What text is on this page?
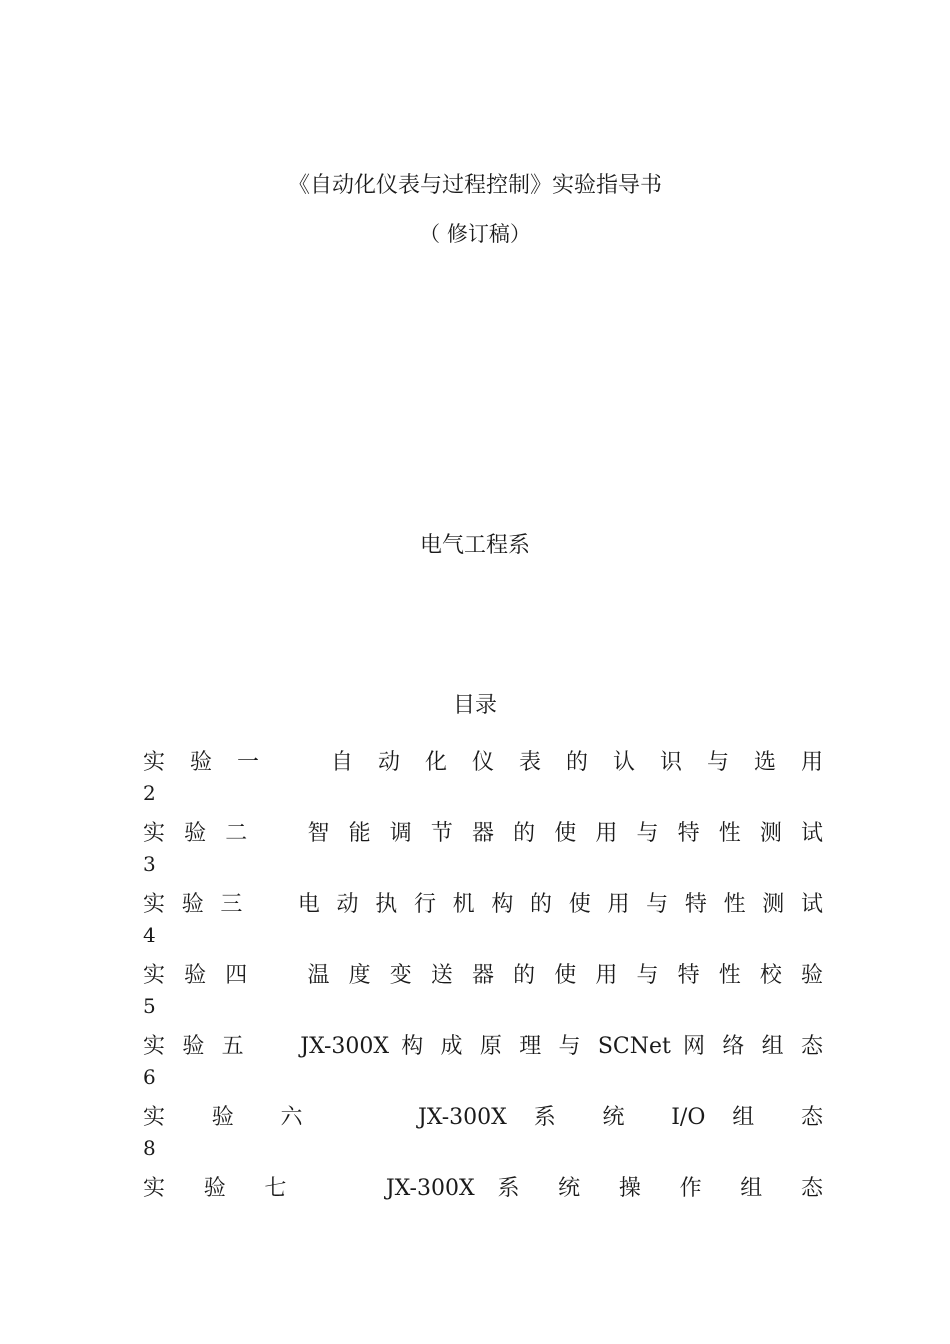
《自动化仪表与过程控制》实验指导书
（ 修订稿）
电气工程系
目录
实 验 一 　 自 动 化 仪 表 的 认 识 与 选 用
2
实 验 二 　 智 能 调 节 器 的 使 用 与 特 性 测 试
3
实 验 三 　 电 动 执 行 机 构 的 使 用 与 特 性 测 试
4
实 验 四 　 温 度 变 送 器 的 使 用 与 特 性 校 验
5
实 验 五 　 JX-300X 构 成 原 理 与 SCNet 网 络 组 态
6
实 验 六 　 JX-300X 系 统 I/O 组 态
8
实 验 七 　 JX-300X 系 统 操 作 组 态
